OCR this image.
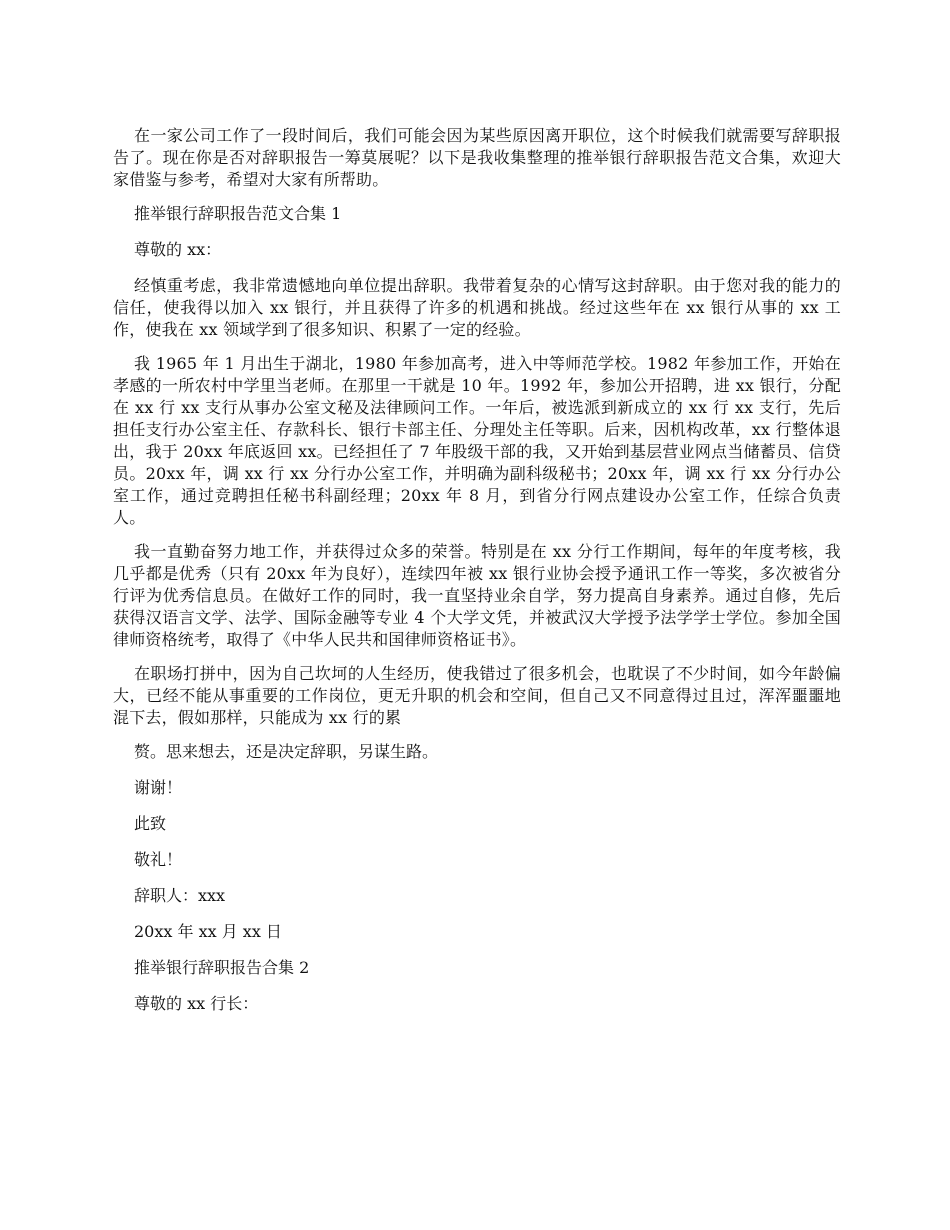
在一家公司工作了一段时间后，我们可能会因为某些原因离开职位，这个时候我们就需要写辞职报告了。现在你是否对辞职报告一筹莫展呢？以下是我收集整理的推举银行辞职报告范文合集，欢迎大家借鉴与参考，希望对大家有所帮助。

推举银行辞职报告范文合集 1

尊敬的 xx：

经慎重考虑，我非常遗憾地向单位提出辞职。我带着复杂的心情写这封辞职。由于您对我的能力的信任，使我得以加入 xx 银行，并且获得了许多的机遇和挑战。经过这些年在 xx 银行从事的 xx 工作，使我在 xx 领域学到了很多知识、积累了一定的经验。

我 1965 年 1 月出生于湖北，1980 年参加高考，进入中等师范学校。1982 年参加工作，开始在孝感的一所农村中学里当老师。在那里一干就是 10 年。1992 年，参加公开招聘，进 xx 银行，分配在 xx 行 xx 支行从事办公室文秘及法律顾问工作。一年后，被选派到新成立的 xx 行 xx 支行，先后担任支行办公室主任、存款科长、银行卡部主任、分理处主任等职。后来，因机构改革，xx 行整体退出，我于 20xx 年底返回 xx。已经担任了 7 年股级干部的我，又开始到基层营业网点当储蓄员、信贷员。20xx 年，调 xx 行 xx 分行办公室工作，并明确为副科级秘书；20xx 年，调 xx 行 xx 分行办公室工作，通过竞聘担任秘书科副经理；20xx 年 8 月，到省分行网点建设办公室工作，任综合负责人。

我一直勤奋努力地工作，并获得过众多的荣誉。特别是在 xx 分行工作期间，每年的年度考核，我几乎都是优秀（只有 20xx 年为良好），连续四年被 xx 银行业协会授予通讯工作一等奖，多次被省分行评为优秀信息员。在做好工作的同时，我一直坚持业余自学，努力提高自身素养。通过自修，先后获得汉语言文学、法学、国际金融等专业 4 个大学文凭，并被武汉大学授予法学学士学位。参加全国律师资格统考，取得了《中华人民共和国律师资格证书》。

在职场打拼中，因为自己坎坷的人生经历，使我错过了很多机会，也耽误了不少时间，如今年龄偏大，已经不能从事重要的工作岗位，更无升职的机会和空间，但自己又不同意得过且过，浑浑噩噩地混下去，假如那样，只能成为 xx 行的累

赘。思来想去，还是决定辞职，另谋生路。

谢谢！

此致

敬礼！

辞职人：xxx

20xx 年 xx 月 xx 日

推举银行辞职报告合集 2

尊敬的 xx 行长：
